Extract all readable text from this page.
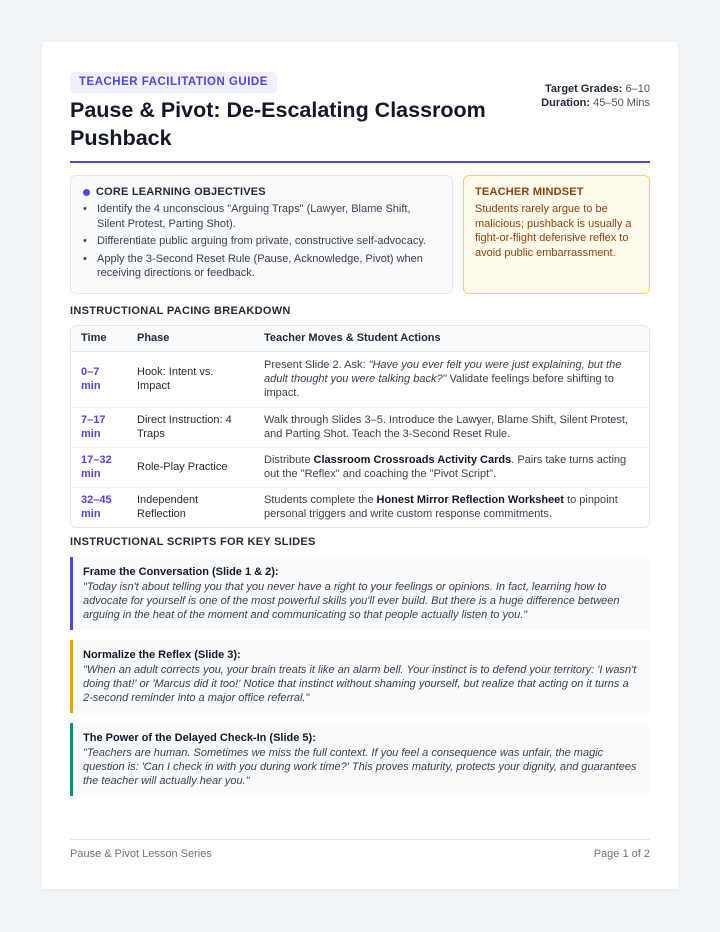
TEACHER FACILITATION GUIDE
Pause & Pivot: De-Escalating Classroom Pushback
Target Grades: 6–10
Duration: 45–50 Mins
CORE LEARNING OBJECTIVES
• Identify the 4 unconscious "Arguing Traps" (Lawyer, Blame Shift, Silent Protest, Parting Shot).
• Differentiate public arguing from private, constructive self-advocacy.
• Apply the 3-Second Reset Rule (Pause, Acknowledge, Pivot) when receiving directions or feedback.
TEACHER MINDSET
Students rarely argue to be malicious; pushback is usually a fight-or-flight defensive reflex to avoid public embarrassment.
INSTRUCTIONAL PACING BREAKDOWN
Time	Phase	Teacher Moves & Student Actions
0–7 min	Hook: Intent vs. Impact	Present Slide 2. Ask: "Have you ever felt you were just explaining, but the adult thought you were talking back?" Validate feelings before shifting to impact.
7–17 min	Direct Instruction: 4 Traps	Walk through Slides 3–5. Introduce the Lawyer, Blame Shift, Silent Protest, and Parting Shot. Teach the 3-Second Reset Rule.
17–32 min	Role-Play Practice	Distribute Classroom Crossroads Activity Cards. Pairs take turns acting out the "Reflex" and coaching the "Pivot Script".
32–45 min	Independent Reflection	Students complete the Honest Mirror Reflection Worksheet to pinpoint personal triggers and write custom response commitments.
INSTRUCTIONAL SCRIPTS FOR KEY SLIDES
Frame the Conversation (Slide 1 & 2):
"Today isn't about telling you that you never have a right to your feelings or opinions. In fact, learning how to advocate for yourself is one of the most powerful skills you'll ever build. But there is a huge difference between arguing in the heat of the moment and communicating so that people actually listen to you."
Normalize the Reflex (Slide 3):
"When an adult corrects you, your brain treats it like an alarm bell. Your instinct is to defend your territory: 'I wasn't doing that!' or 'Marcus did it too!' Notice that instinct without shaming yourself, but realize that acting on it turns a 2-second reminder into a major office referral."
The Power of the Delayed Check-In (Slide 5):
"Teachers are human. Sometimes we miss the full context. If you feel a consequence was unfair, the magic question is: 'Can I check in with you during work time?' This proves maturity, protects your dignity, and guarantees the teacher will actually hear you."
Pause & Pivot Lesson Series	Page 1 of 2
